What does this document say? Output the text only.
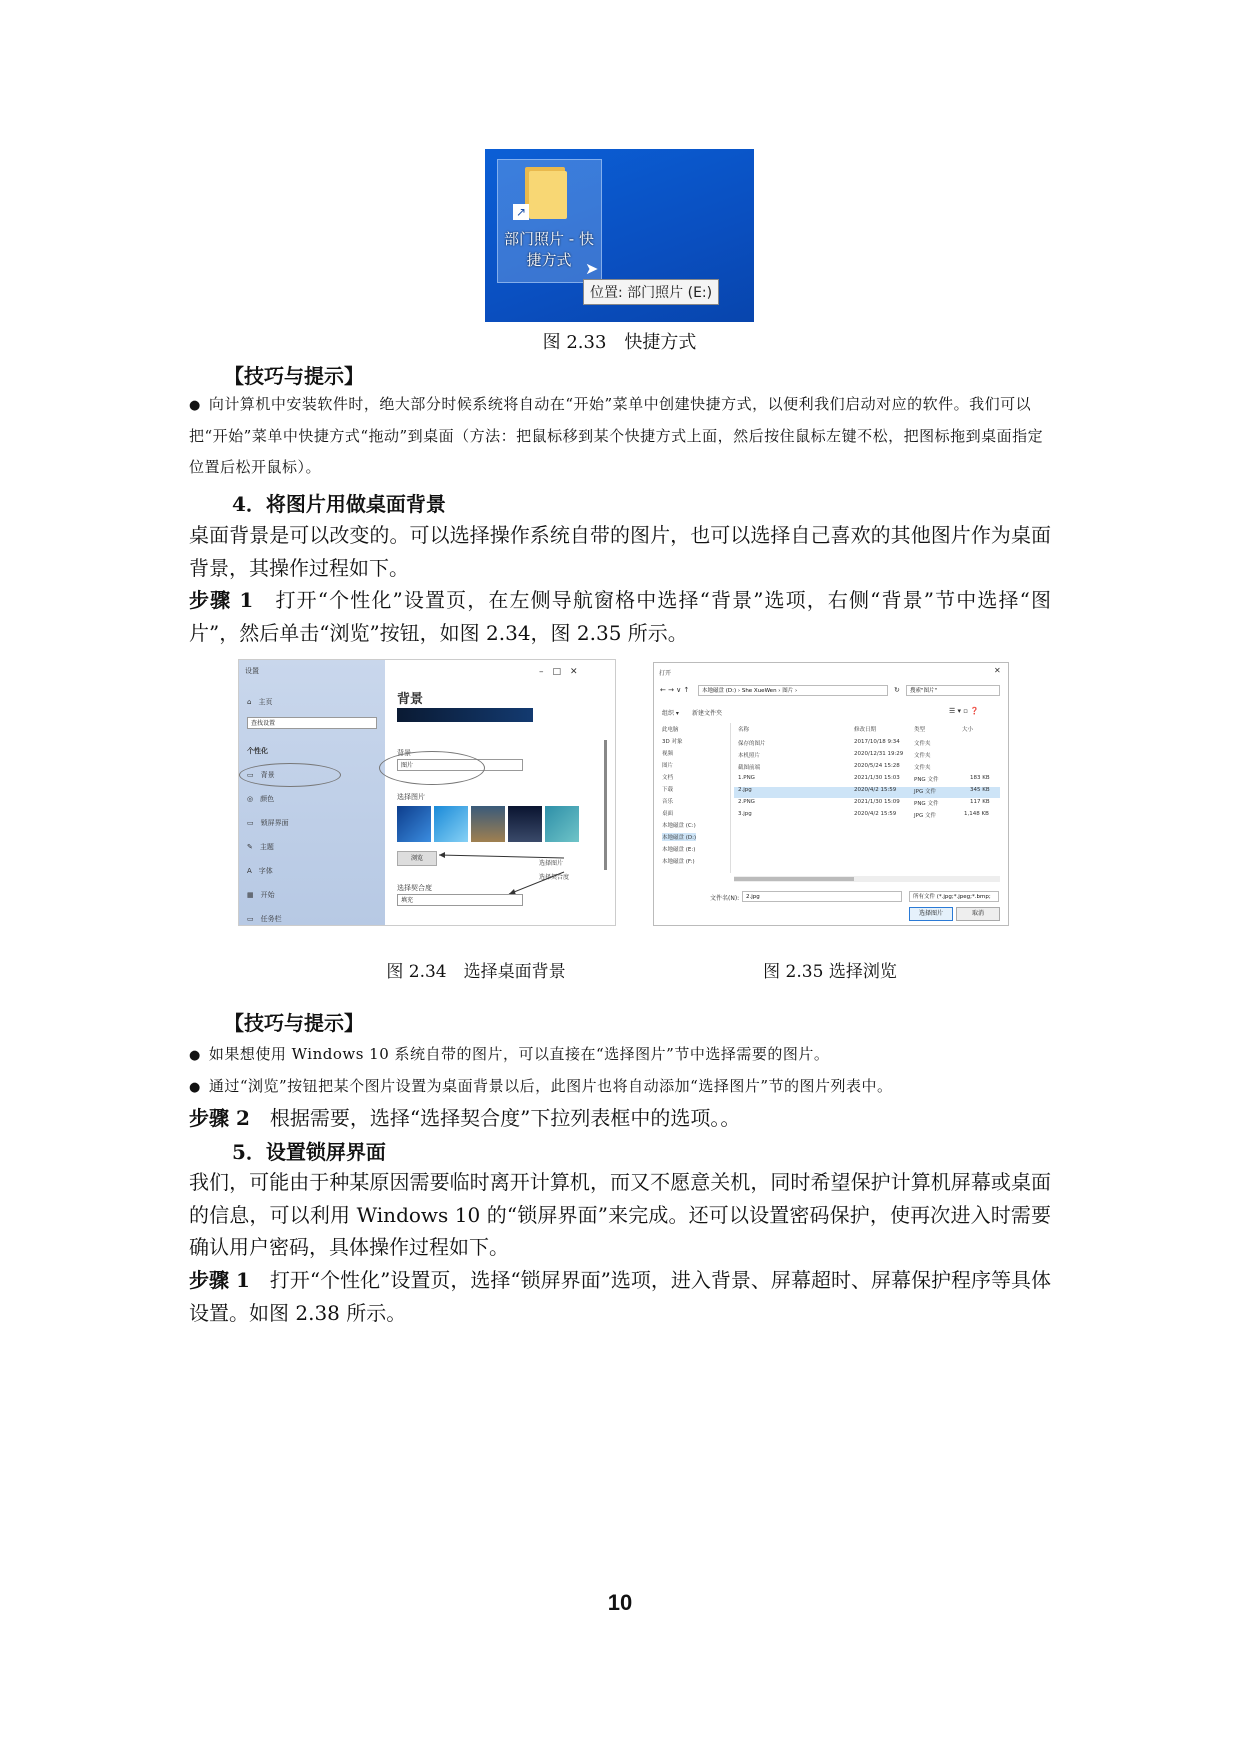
↗
部门照片 - 快
捷方式 ➤
位置: 部门照片 (E:)
图 2.33　快捷方式
【技巧与提示】

● 向计算机中安装软件时，绝大部分时候系统将自动在“开始”菜单中创建快捷方式，以便利我们启动对应的软件。我们可以把“开始”菜单中快捷方式“拖动”到桌面（方法：把鼠标移到某个快捷方式上面，然后按住鼠标左键不松，把图标拖到桌面指定位置后松开鼠标）。

4．将图片用做桌面背景

桌面背景是可以改变的。可以选择操作系统自带的图片，也可以选择自己喜欢的其他图片作为桌面背景，其操作过程如下。

步骤 1　打开“个性化”设置页，在左侧导航窗格中选择“背景”选项，右侧“背景”节中选择“图片”，然后单击“浏览”按钮，如图 2.34，图 2.35 所示。

设置	–　□　✕
⌂　主页
查找设置
个性化
▭　背景
◎　颜色
▭　锁屏界面
✎　主题
A　字体
▦　开始
▭　任务栏
背景
背景
图片
选择图片
浏览
选择图片
选择契合度
选择契合度
填充
图 2.34　选择桌面背景
打开	✕
← → ∨ ↑	本地磁盘 (D:) › She XueWen › 图片 ›	↻	搜索"图片"
组织 ▾ 新建文件夹	☰ ▾ ▫ ❓
此电脑
3D 对象
视频
图片
文档
下载
音乐
桌面
本地磁盘 (C:)
本地磁盘 (D:)
本地磁盘 (E:)
本地磁盘 (F:)
名称	修改日期	类型	大小
保存的图片	2017/10/18 9:34	文件夹
本机照片	2020/12/31 19:29 文件夹
截图前端	2020/5/24 15:28	文件夹
1.PNG	2021/1/30 15:03	PNG 文件	183 KB
2.jpg	2020/4/2 15:59	JPG 文件	345 KB
2.PNG	2021/1/30 15:09	PNG 文件	117 KB
3.jpg	2020/4/2 15:59	JPG 文件	1,148 KB
文件名(N):	2.jpg	所有文件 (*.jpg;*.jpeg;*.bmp;
选择图片	取消
图 2.35 选择浏览
【技巧与提示】

● 如果想使用 Windows 10 系统自带的图片，可以直接在“选择图片”节中选择需要的图片。

● 通过“浏览”按钮把某个图片设置为桌面背景以后，此图片也将自动添加“选择图片”节的图片列表中。

步骤 2　根据需要，选择“选择契合度”下拉列表框中的选项。。

5．设置锁屏界面

我们，可能由于种某原因需要临时离开计算机，而又不愿意关机，同时希望保护计算机屏幕或桌面的信息，可以利用 Windows 10 的“锁屏界面”来完成。还可以设置密码保护，使再次进入时需要确认用户密码，具体操作过程如下。

步骤 1　打开“个性化”设置页，选择“锁屏界面”选项，进入背景、屏幕超时、屏幕保护程序等具体设置。如图 2.38 所示。

10
